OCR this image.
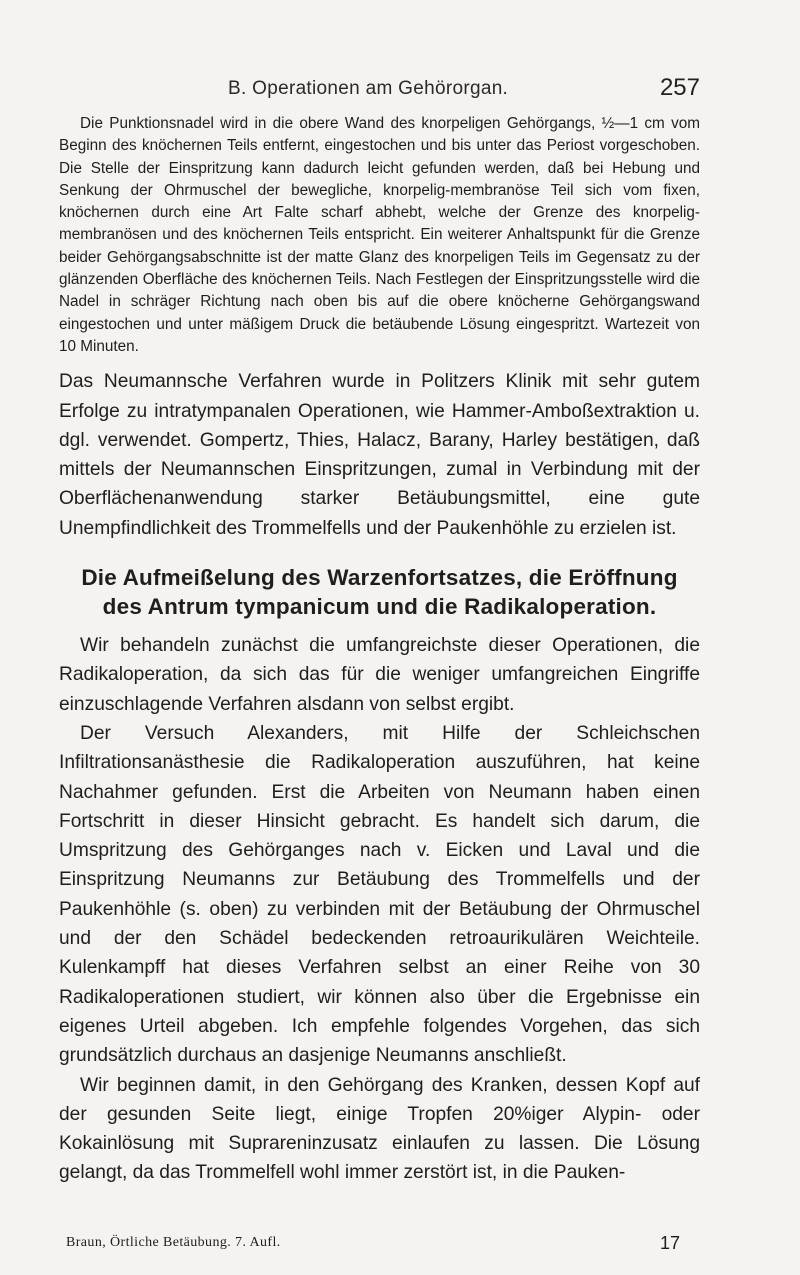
B. Operationen am Gehörorgan.	257

Die Punktionsnadel wird in die obere Wand des knorpeligen Gehörgangs, ½—1 cm vom Beginn des knöchernen Teils entfernt, eingestochen und bis unter das Periost vorgeschoben. Die Stelle der Einspritzung kann dadurch leicht gefunden werden, daß bei Hebung und Senkung der Ohrmuschel der bewegliche, knorpelig-membranöse Teil sich vom fixen, knöchernen durch eine Art Falte scharf abhebt, welche der Grenze des knorpelig-membranösen und des knöchernen Teils entspricht. Ein weiterer Anhaltspunkt für die Grenze beider Gehörgangsabschnitte ist der matte Glanz des knorpeligen Teils im Gegensatz zu der glänzenden Oberfläche des knöchernen Teils. Nach Festlegen der Einspritzungsstelle wird die Nadel in schräger Richtung nach oben bis auf die obere knöcherne Gehörgangswand eingestochen und unter mäßigem Druck die betäubende Lösung eingespritzt. Wartezeit von 10 Minuten.

Das Neumannsche Verfahren wurde in Politzers Klinik mit sehr gutem Erfolge zu intratympanalen Operationen, wie Hammer-Amboßextraktion u. dgl. verwendet. Gompertz, Thies, Halacz, Barany, Harley bestätigen, daß mittels der Neumannschen Einspritzungen, zumal in Verbindung mit der Oberflächenanwendung starker Betäubungsmittel, eine gute Unempfindlichkeit des Trommelfells und der Paukenhöhle zu erzielen ist.

Die Aufmeißelung des Warzenfortsatzes, die Eröffnung des Antrum tympanicum und die Radikaloperation.

Wir behandeln zunächst die umfangreichste dieser Operationen, die Radikaloperation, da sich das für die weniger umfangreichen Eingriffe einzuschlagende Verfahren alsdann von selbst ergibt.

Der Versuch Alexanders, mit Hilfe der Schleichschen Infiltrationsanästhesie die Radikaloperation auszuführen, hat keine Nachahmer gefunden. Erst die Arbeiten von Neumann haben einen Fortschritt in dieser Hinsicht gebracht. Es handelt sich darum, die Umspritzung des Gehörganges nach v. Eicken und Laval und die Einspritzung Neumanns zur Betäubung des Trommelfells und der Paukenhöhle (s. oben) zu verbinden mit der Betäubung der Ohrmuschel und der den Schädel bedeckenden retroaurikulären Weichteile. Kulenkampff hat dieses Verfahren selbst an einer Reihe von 30 Radikaloperationen studiert, wir können also über die Ergebnisse ein eigenes Urteil abgeben. Ich empfehle folgendes Vorgehen, das sich grundsätzlich durchaus an dasjenige Neumanns anschließt.

Wir beginnen damit, in den Gehörgang des Kranken, dessen Kopf auf der gesunden Seite liegt, einige Tropfen 20%iger Alypin- oder Kokainlösung mit Suprareninzusatz einlaufen zu lassen. Die Lösung gelangt, da das Trommelfell wohl immer zerstört ist, in die Pauken-

Braun, Örtliche Betäubung. 7. Aufl.	17
